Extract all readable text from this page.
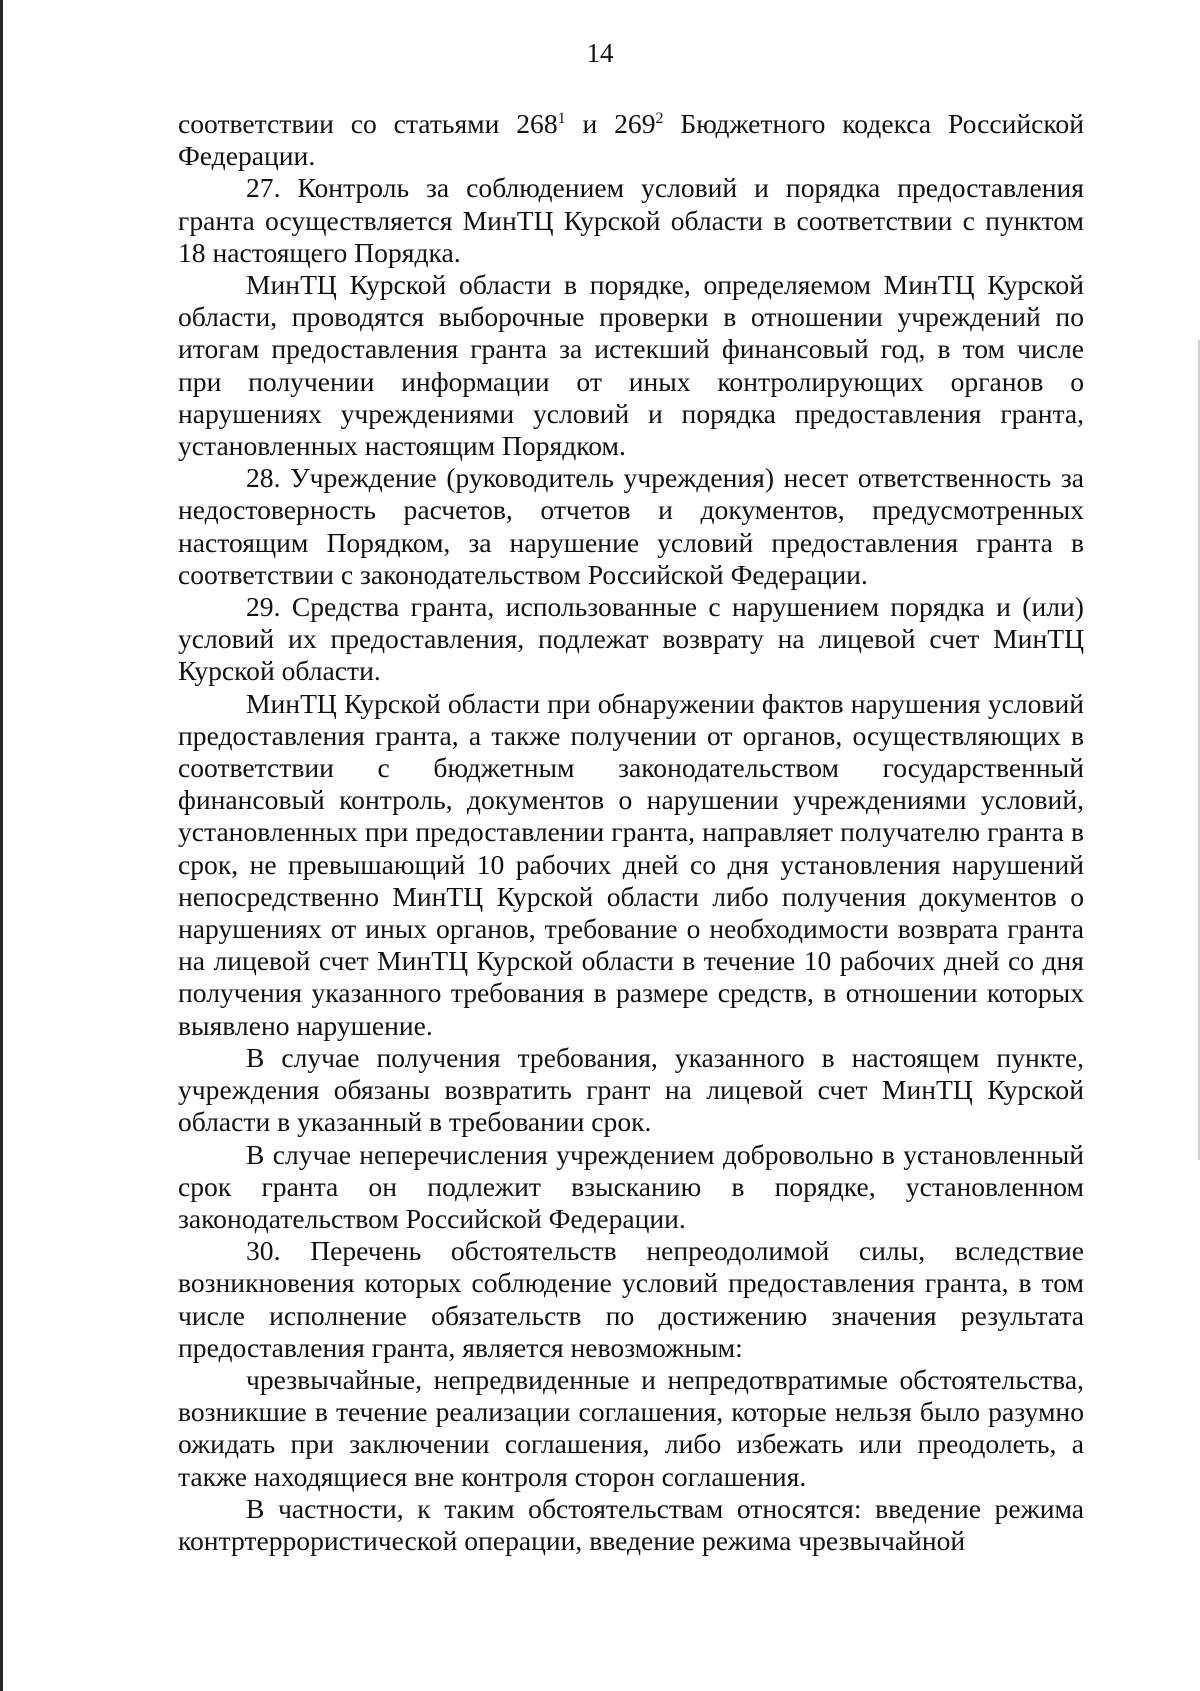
14

соответствии со статьями $268^1$ и $269^2$ Бюджетного кодекса Российской Федерации.

27. Контроль за соблюдением условий и порядка предоставления гранта осуществляется МинТЦ Курской области в соответствии с пунктом 18 настоящего Порядка.

МинТЦ Курской области в порядке, определяемом МинТЦ Курской области, проводятся выборочные проверки в отношении учреждений по итогам предоставления гранта за истекший финансовый год, в том числе при получении информации от иных контролирующих органов о нарушениях учреждениями условий и порядка предоставления гранта, установленных настоящим Порядком.

28. Учреждение (руководитель учреждения) несет ответственность за недостоверность расчетов, отчетов и документов, предусмотренных настоящим Порядком, за нарушение условий предоставления гранта в соответствии с законодательством Российской Федерации.

29. Средства гранта, использованные с нарушением порядка и (или) условий их предоставления, подлежат возврату на лицевой счет МинТЦ Курской области.

МинТЦ Курской области при обнаружении фактов нарушения условий предоставления гранта, а также получении от органов, осуществляющих в соответствии с бюджетным законодательством государственный финансовый контроль, документов о нарушении учреждениями условий, установленных при предоставлении гранта, направляет получателю гранта в срок, не превышающий 10 рабочих дней со дня установления нарушений непосредственно МинТЦ Курской области либо получения документов о нарушениях от иных органов, требование о необходимости возврата гранта на лицевой счет МинТЦ Курской области в течение 10 рабочих дней со дня получения указанного требования в размере средств, в отношении которых выявлено нарушение.

В случае получения требования, указанного в настоящем пункте, учреждения обязаны возвратить грант на лицевой счет МинТЦ Курской области в указанный в требовании срок.

В случае неперечисления учреждением добровольно в установленный срок гранта он подлежит взысканию в порядке, установленном законодательством Российской Федерации.

30. Перечень обстоятельств непреодолимой силы, вследствие возникновения которых соблюдение условий предоставления гранта, в том числе исполнение обязательств по достижению значения результата предоставления гранта, является невозможным:

чрезвычайные, непредвиденные и непредотвратимые обстоятельства, возникшие в течение реализации соглашения, которые нельзя было разумно ожидать при заключении соглашения, либо избежать или преодолеть, а также находящиеся вне контроля сторон соглашения.

В частности, к таким обстоятельствам относятся: введение режима контртеррористической операции, введение режима чрезвычайной
